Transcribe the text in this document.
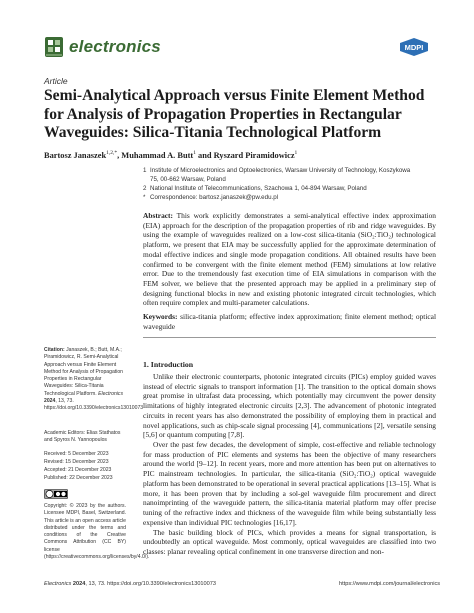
electronics	MDPI
Article
Semi-Analytical Approach versus Finite Element Method for Analysis of Propagation Properties in Rectangular Waveguides: Silica-Titania Technological Platform
Bartosz Janaszek$^{1,2,*}$, Muhammad A. Butt$^1$ and Ryszard Piramidowicz$^1$
1 Institute of Microelectronics and Optoelectronics, Warsaw University of Technology, Koszykowa 75, 00-662 Warsaw, Poland
2 National Institute of Telecommunications, Szachowa 1, 04-894 Warsaw, Poland
* Correspondence: bartosz.janaszek@pw.edu.pl
Abstract: This work explicitly demonstrates a semi-analytical effective index approximation (EIA) approach for the description of the propagation properties of rib and ridge waveguides. By using the example of waveguides realized on a low-cost silica-titania (SiO₂:TiO₂) technological platform, we present that EIA may be successfully applied for the approximate determination of modal effective indices and single mode propagation conditions. All obtained results have been confirmed to be convergent with the finite element method (FEM) simulations at low relative error. Due to the tremendously fast execution time of EIA simulations in comparison with the FEM solver, we believe that the presented approach may be applied in a preliminary step of designing functional blocks in new and existing photonic integrated circuit technologies, which often require complex and multi-parameter calculations.
Keywords: silica-titania platform; effective index approximation; finite element method; optical waveguide
Citation: Janaszek, B.; Butt, M.A.; Piramidowicz, R. Semi-Analytical Approach versus Finite Element Method for Analysis of Propagation Properties in Rectangular Waveguides: Silica-Titania Technological Platform. Electronics 2024, 13, 73. https://doi.org/10.3390/electronics13010073
Academic Editors: Elias Stathatos and Spyros N. Yannopoulos
Received: 5 December 2023
Revised: 15 December 2023
Accepted: 21 December 2023
Published: 22 December 2023
Copyright: © 2023 by the authors. Licensee MDPI, Basel, Switzerland. This article is an open access article distributed under the terms and conditions of the Creative Commons Attribution (CC BY) license (https://creativecommons.org/licenses/by/4.0/).
1. Introduction

Unlike their electronic counterparts, photonic integrated circuits (PICs) employ guided waves instead of electric signals to transport information [1]. The transition to the optical domain shows great promise in ultrafast data processing, which potentially may circumvent the power density limitations of highly integrated electronic circuits [2,3]. The advancement of photonic integrated circuits in recent years has also demonstrated the possibility of employing them in practical and novel applications, such as chip-scale signal processing [4], communications [2], versatile sensing [5,6] or quantum computing [7,8].

Over the past few decades, the development of simple, cost-effective and reliable technology for mass production of PIC elements and systems has been the objective of many researchers around the world [9–12]. In recent years, more and more attention has been put on alternatives to PIC mainstream technologies. In particular, the silica-titania (SiO₂:TiO₂) optical waveguide platform has been demonstrated to be operational in several practical applications [13–15]. What is more, it has been proven that by including a sol-gel waveguide film procurement and direct nanoimprinting of the waveguide pattern, the silica-titania material platform may offer precise tuning of the refractive index and thickness of the waveguide film while being substantially less expensive than individual PIC technologies [16,17].

The basic building block of PICs, which provides a means for signal transportation, is undoubtedly an optical waveguide. Most commonly, optical waveguides are classified into two classes: planar revealing optical confinement in one transverse direction and non-

Electronics 2024, 13, 73. https://doi.org/10.3390/electronics13010073	https://www.mdpi.com/journal/electronics
